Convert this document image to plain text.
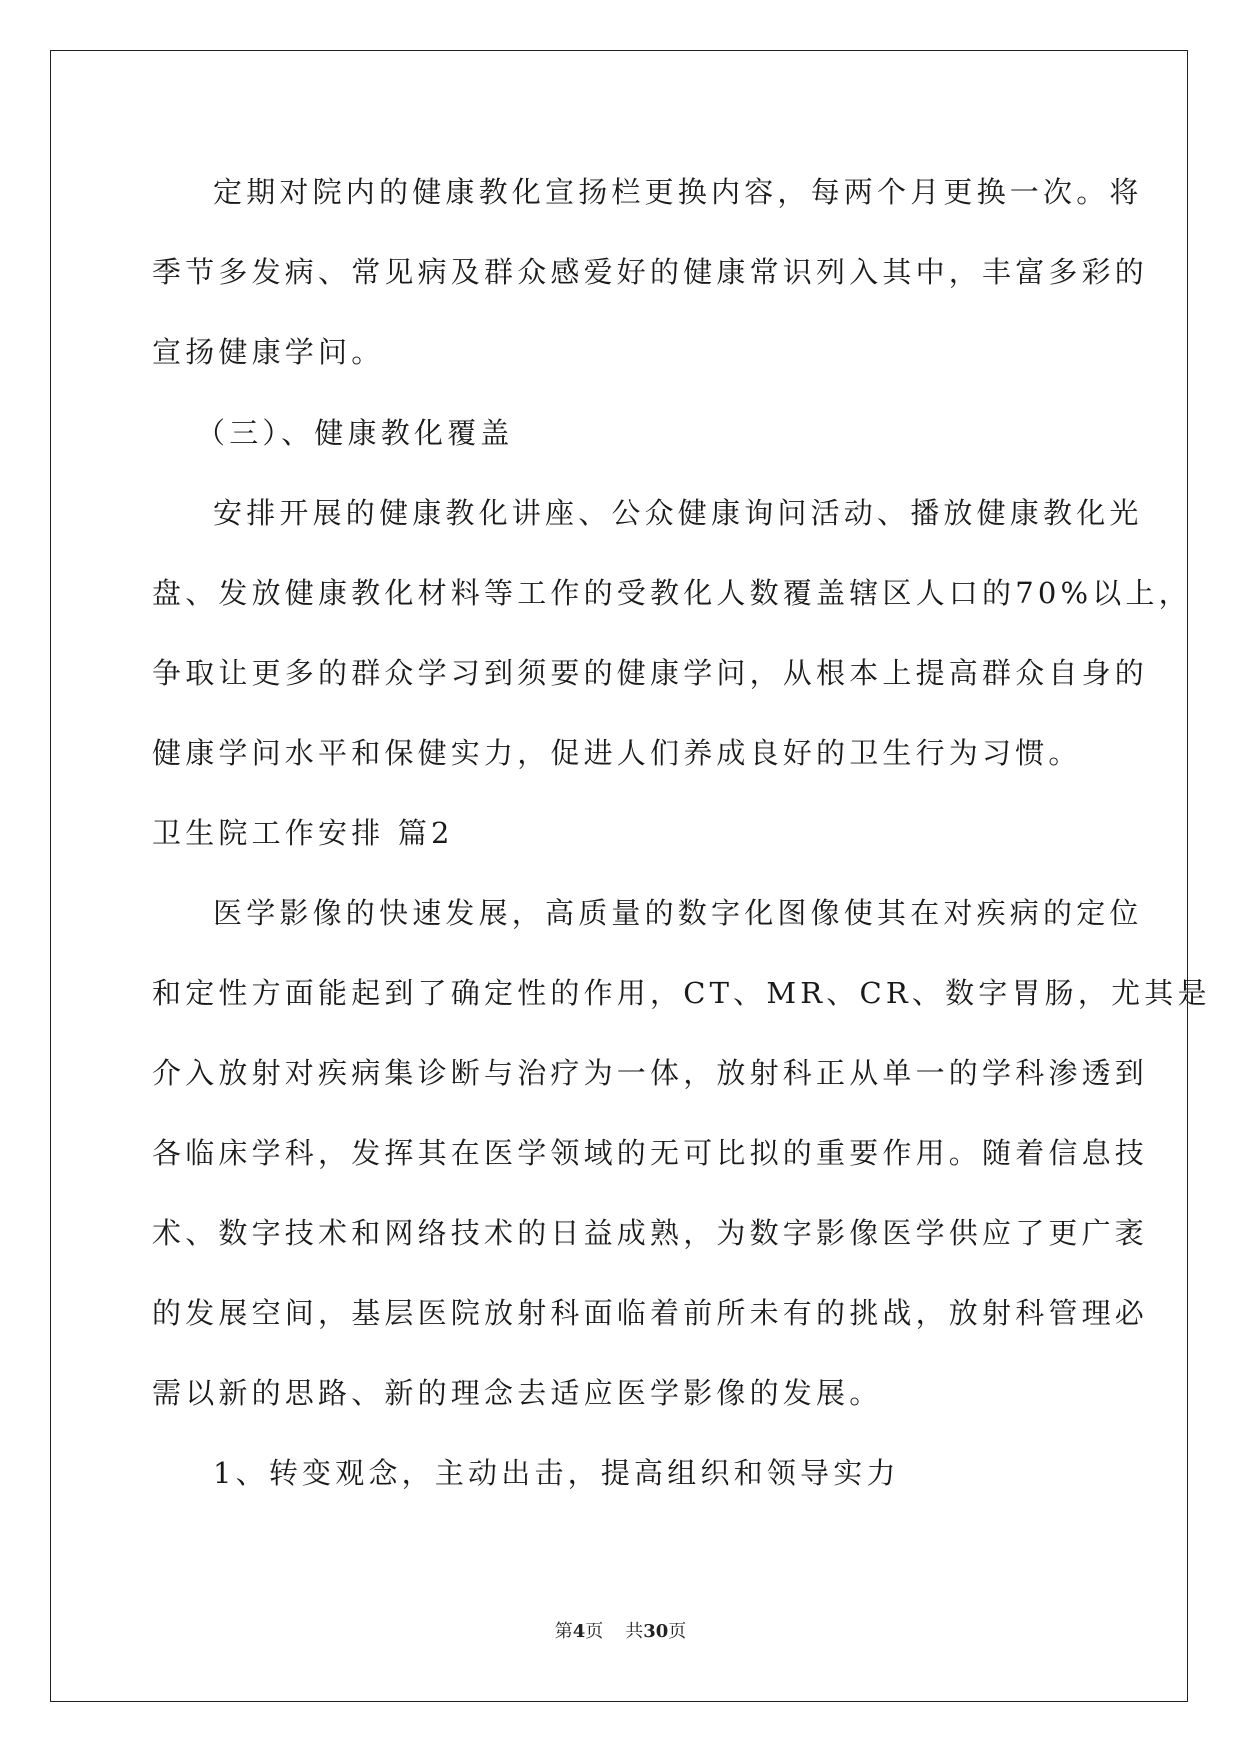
定期对院内的健康教化宣扬栏更换内容，每两个月更换一次。将
季节多发病、常见病及群众感爱好的健康常识列入其中，丰富多彩的
宣扬健康学问。
（三）、健康教化覆盖
安排开展的健康教化讲座、公众健康询问活动、播放健康教化光
盘、发放健康教化材料等工作的受教化人数覆盖辖区人口的70%以上，
争取让更多的群众学习到须要的健康学问，从根本上提高群众自身的
健康学问水平和保健实力，促进人们养成良好的卫生行为习惯。
卫生院工作安排 篇2
医学影像的快速发展，高质量的数字化图像使其在对疾病的定位
和定性方面能起到了确定性的作用，CT、MR、CR、数字胃肠，尤其是
介入放射对疾病集诊断与治疗为一体，放射科正从单一的学科渗透到
各临床学科，发挥其在医学领域的无可比拟的重要作用。随着信息技
术、数字技术和网络技术的日益成熟，为数字影像医学供应了更广袤
的发展空间，基层医院放射科面临着前所未有的挑战，放射科管理必
需以新的思路、新的理念去适应医学影像的发展。
1、转变观念，主动出击，提高组织和领导实力
第4页 共30页
